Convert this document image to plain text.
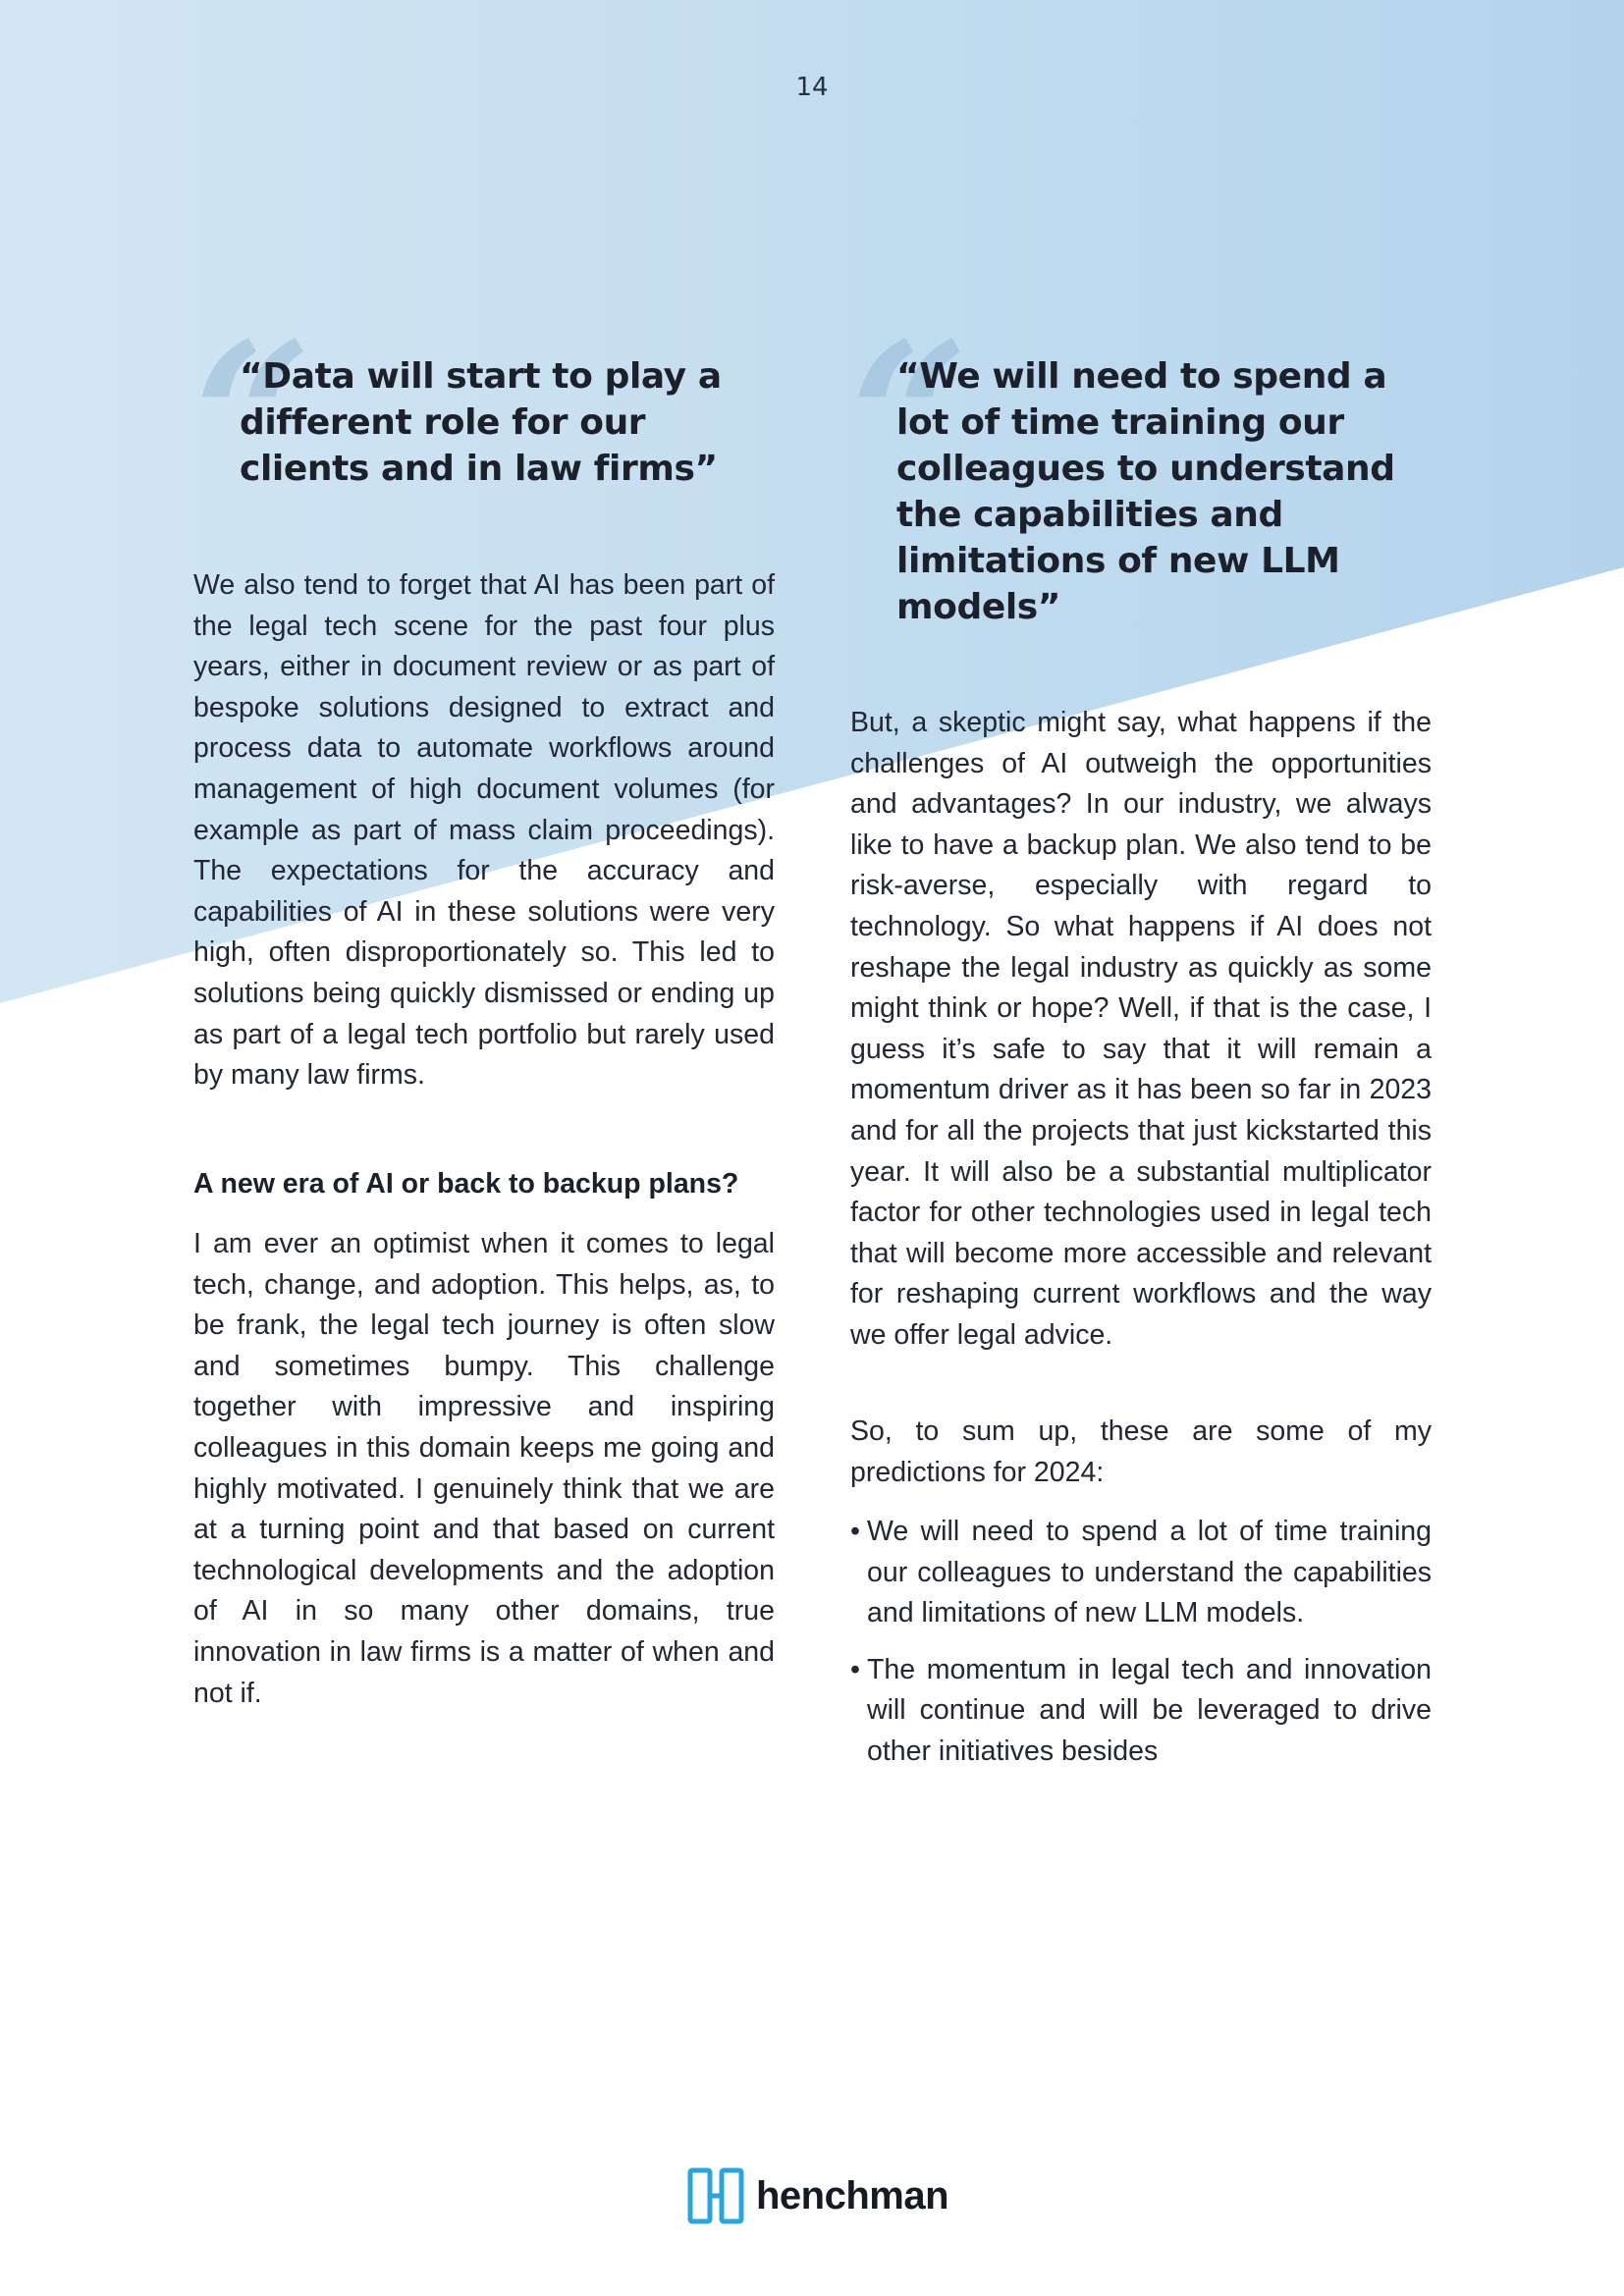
14
“

“Data will start to play a different role for our clients and in law firms”

We also tend to forget that AI has been part of the legal tech scene for the past four plus years, either in document review or as part of bespoke solutions designed to extract and process data to automate workflows around management of high document volumes (for example as part of mass claim proceedings). The expectations for the accuracy and capabilities of AI in these solutions were very high, often disproportionately so. This led to solutions being quickly dismissed or ending up as part of a legal tech portfolio but rarely used by many law firms.

A new era of AI or back to backup plans?

I am ever an optimist when it comes to legal tech, change, and adoption. This helps, as, to be frank, the legal tech journey is often slow and sometimes bumpy. This challenge together with impressive and inspiring colleagues in this domain keeps me going and highly motivated. I genuinely think that we are at a turning point and that based on current technological developments and the adoption of AI in so many other domains, true innovation in law firms is a matter of when and not if.

“

“We will need to spend a lot of time training our colleagues to understand the capabilities and limitations of new LLM models”

But, a skeptic might say, what happens if the challenges of AI outweigh the opportunities and advantages? In our industry, we always like to have a backup plan. We also tend to be risk-averse, especially with regard to technology. So what happens if AI does not reshape the legal industry as quickly as some might think or hope? Well, if that is the case, I guess it’s safe to say that it will remain a momentum driver as it has been so far in 2023 and for all the projects that just kickstarted this year. It will also be a substantial multiplicator factor for other technologies used in legal tech that will become more accessible and relevant for reshaping current workflows and the way we offer legal advice.

So, to sum up, these are some of my predictions for 2024:

• We will need to spend a lot of time training our colleagues to understand the capabilities and limitations of new LLM models.
• The momentum in legal tech and innovation will continue and will be leveraged to drive other initiatives besides
henchman
